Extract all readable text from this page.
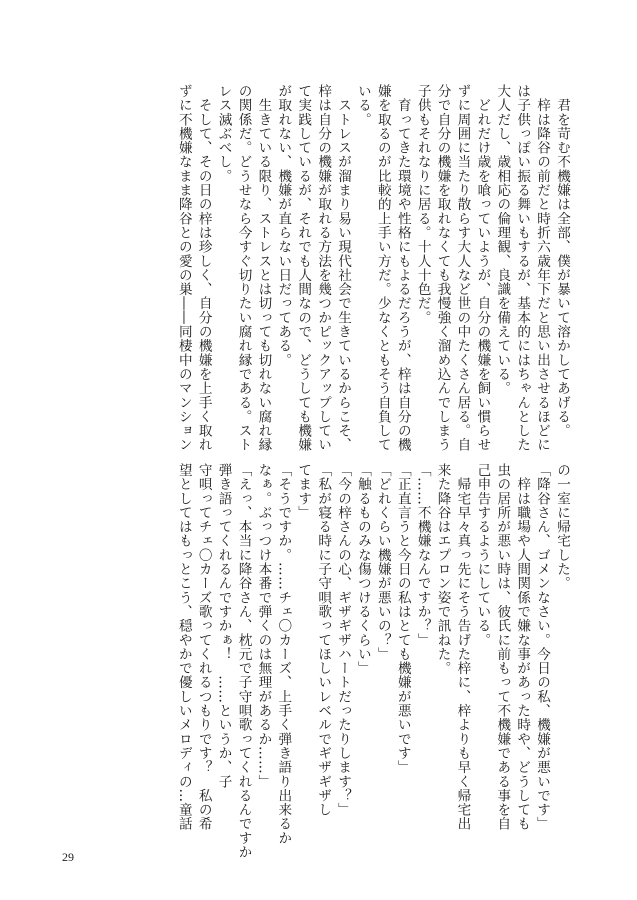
　君を苛む不機嫌は全部、僕が暴いて溶かしてあげる。
　梓は降谷の前だと時折六歳年下だと思い出させるほどに
は子供っぽい振る舞いもするが、基本的にはちゃんとした
大人だし、歳相応の倫理観、良識を備えている。
　どれだけ歳を喰っていようが、自分の機嫌を飼い慣らせ
ずに周囲に当たり散らす大人など世の中たくさん居る。自
分で自分の機嫌を取れなくても我慢強く溜め込んでしまう
子供もそれなりに居る。十人十色だ。
　育ってきた環境や性格にもよるだろうが、梓は自分の機
嫌を取るのが比較的上手い方だ。少なくともそう自負して
いる。
　ストレスが溜まり易い現代社会で生きているからこそ、
梓は自分の機嫌が取れる方法を幾つかピックアップしてい
て実践しているが、それでも人間なので、どうしても機嫌
が取れない、機嫌が直らない日だってある。
　生きている限り、ストレスとは切っても切れない腐れ縁
の関係だ。どうせなら今すぐ切りたい腐れ縁である。スト
レス滅ぶべし。
　そして、その日の梓は珍しく、自分の機嫌を上手く取れ
ずに不機嫌なまま降谷との愛の巣――同棲中のマンション
の一室に帰宅した。
「降谷さん、ゴメンなさい。今日の私、機嫌が悪いです」
　梓は職場や人間関係で嫌な事があった時や、どうしても
虫の居所が悪い時は、彼氏に前もって不機嫌である事を自
己申告するようにしている。
　帰宅早々真っ先にそう告げた梓に、梓よりも早く帰宅出
来た降谷はエプロン姿で訊ねた。
「……不機嫌なんですか？」
「正直言うと今日の私はとても機嫌が悪いです」
「どれくらい機嫌が悪いの？」
「触るものみな傷つけるくらい」
「今の梓さんの心、ギザギザハートだったりします？」
「私が寝る時に子守唄歌ってほしいレベルでギザギザし
てます」
「そうですか。……チェ〇カーズ、上手く弾き語り出来るか
なぁ。ぶっつけ本番で弾くのは無理があるか……」
「えっ、本当に降谷さん、枕元で子守唄歌ってくれるんですか
弾き語ってくれるんですかぁ！　……というか、子
守唄ってチェ〇カーズ歌ってくれるつもりです？　私の希
望としてはもっとこう、穏やかで優しいメロディの…童話
29
